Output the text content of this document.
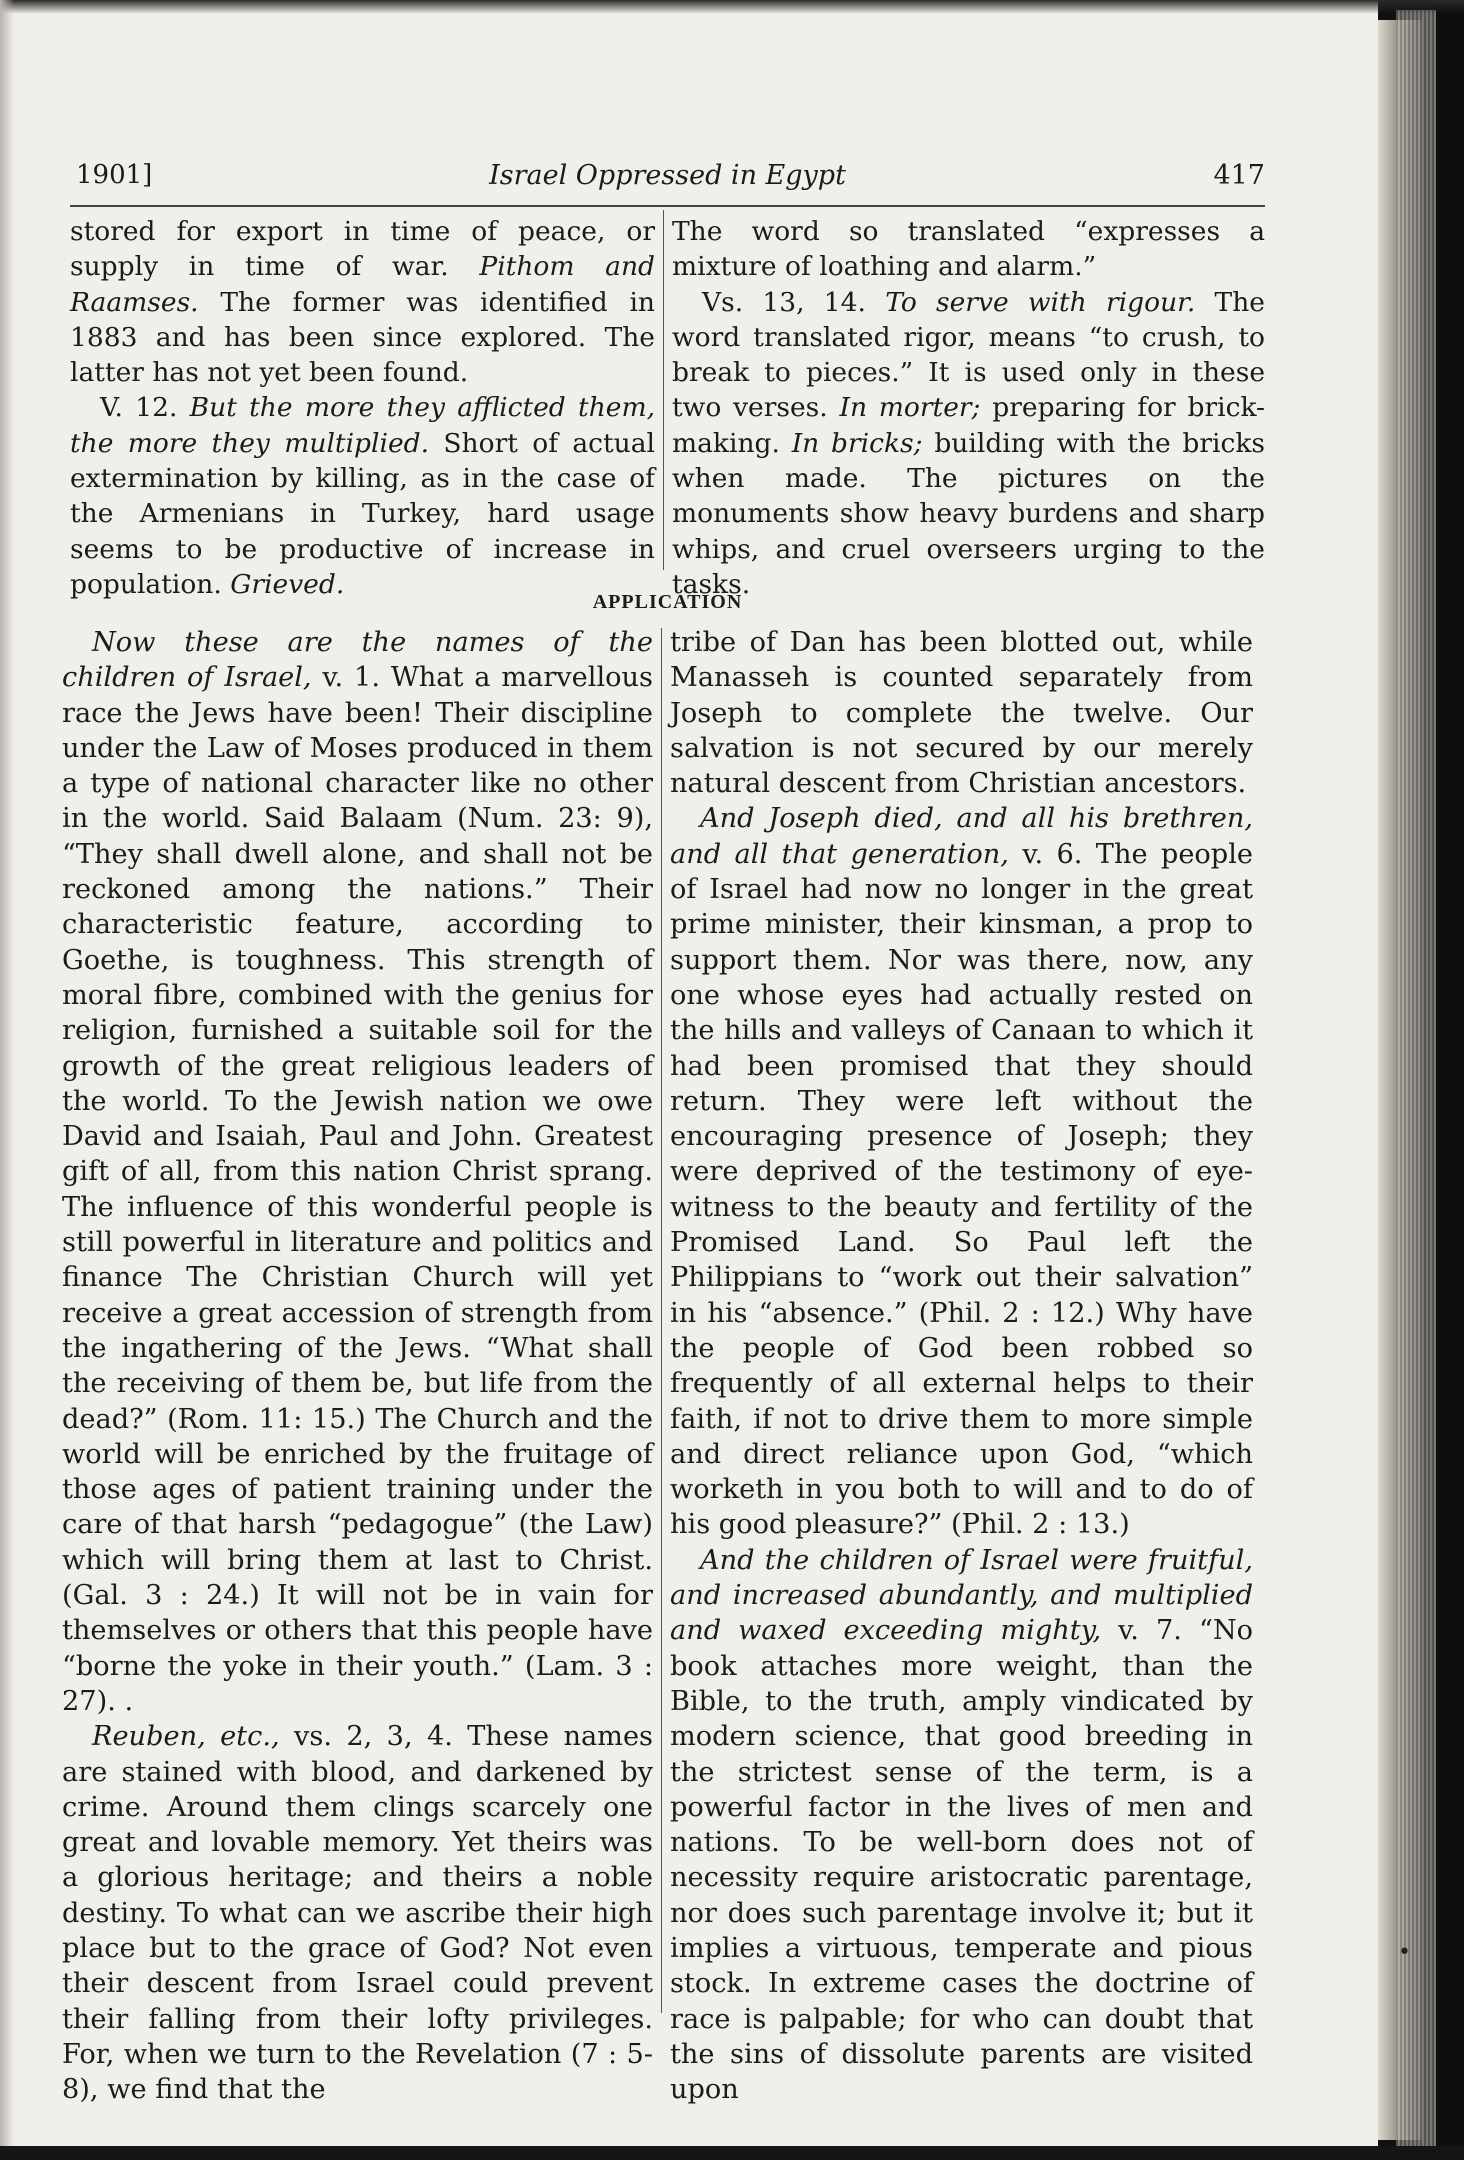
1901]	Israel Oppressed in Egypt	417

stored for export in time of peace, or supply in time of war. Pithom and Raamses. The former was identified in 1883 and has been since explored. The latter has not yet been found.

V. 12. But the more they afflicted them, the more they multiplied. Short of actual extermination by killing, as in the case of the Armenians in Turkey, hard usage seems to be productive of increase in population. Grieved.

The word so translated “expresses a mixture of loathing and alarm.”

Vs. 13, 14. To serve with rigour. The word translated rigor, means “to crush, to break to pieces.” It is used only in these two verses. In morter; preparing for brick-making. In bricks; building with the bricks when made. The pictures on the monuments show heavy burdens and sharp whips, and cruel overseers urging to the tasks.

APPLICATION

Now these are the names of the children of Israel, v. 1. What a marvellous race the Jews have been! Their discipline under the Law of Moses produced in them a type of national character like no other in the world. Said Balaam (Num. 23: 9), “They shall dwell alone, and shall not be reckoned among the nations.” Their characteristic feature, according to Goethe, is toughness. This strength of moral fibre, combined with the genius for religion, furnished a suitable soil for the growth of the great religious leaders of the world. To the Jewish nation we owe David and Isaiah, Paul and John. Greatest gift of all, from this nation Christ sprang. The influence of this wonderful people is still powerful in literature and politics and finance The Christian Church will yet receive a great accession of strength from the ingathering of the Jews. “What shall the receiving of them be, but life from the dead?” (Rom. 11: 15.) The Church and the world will be enriched by the fruitage of those ages of patient training under the care of that harsh “pedagogue” (the Law) which will bring them at last to Christ. (Gal. 3 : 24.) It will not be in vain for themselves or others that this people have “borne the yoke in their youth.” (Lam. 3 : 27). .

Reuben, etc., vs. 2, 3, 4. These names are stained with blood, and darkened by crime. Around them clings scarcely one great and lovable memory. Yet theirs was a glorious heritage; and theirs a noble destiny. To what can we ascribe their high place but to the grace of God? Not even their descent from Israel could prevent their falling from their lofty privileges. For, when we turn to the Revelation (7 : 5-8), we find that the

tribe of Dan has been blotted out, while Manasseh is counted separately from Joseph to complete the twelve. Our salvation is not secured by our merely natural descent from Christian ancestors.

And Joseph died, and all his brethren, and all that generation, v. 6. The people of Israel had now no longer in the great prime minister, their kinsman, a prop to support them. Nor was there, now, any one whose eyes had actually rested on the hills and valleys of Canaan to which it had been promised that they should return. They were left without the encouraging presence of Joseph; they were deprived of the testimony of eye-witness to the beauty and fertility of the Promised Land. So Paul left the Philippians to “work out their salvation” in his “absence.” (Phil. 2 : 12.) Why have the people of God been robbed so frequently of all external helps to their faith, if not to drive them to more simple and direct reliance upon God, “which worketh in you both to will and to do of his good pleasure?” (Phil. 2 : 13.)

And the children of Israel were fruitful, and increased abundantly, and multiplied and waxed exceeding mighty, v. 7. “No book attaches more weight, than the Bible, to the truth, amply vindicated by modern science, that good breeding in the strictest sense of the term, is a powerful factor in the lives of men and nations. To be well-born does not of necessity require aristocratic parentage, nor does such parentage involve it; but it implies a virtuous, temperate and pious stock. In extreme cases the doctrine of race is palpable; for who can doubt that the sins of dissolute parents are visited upon

•
